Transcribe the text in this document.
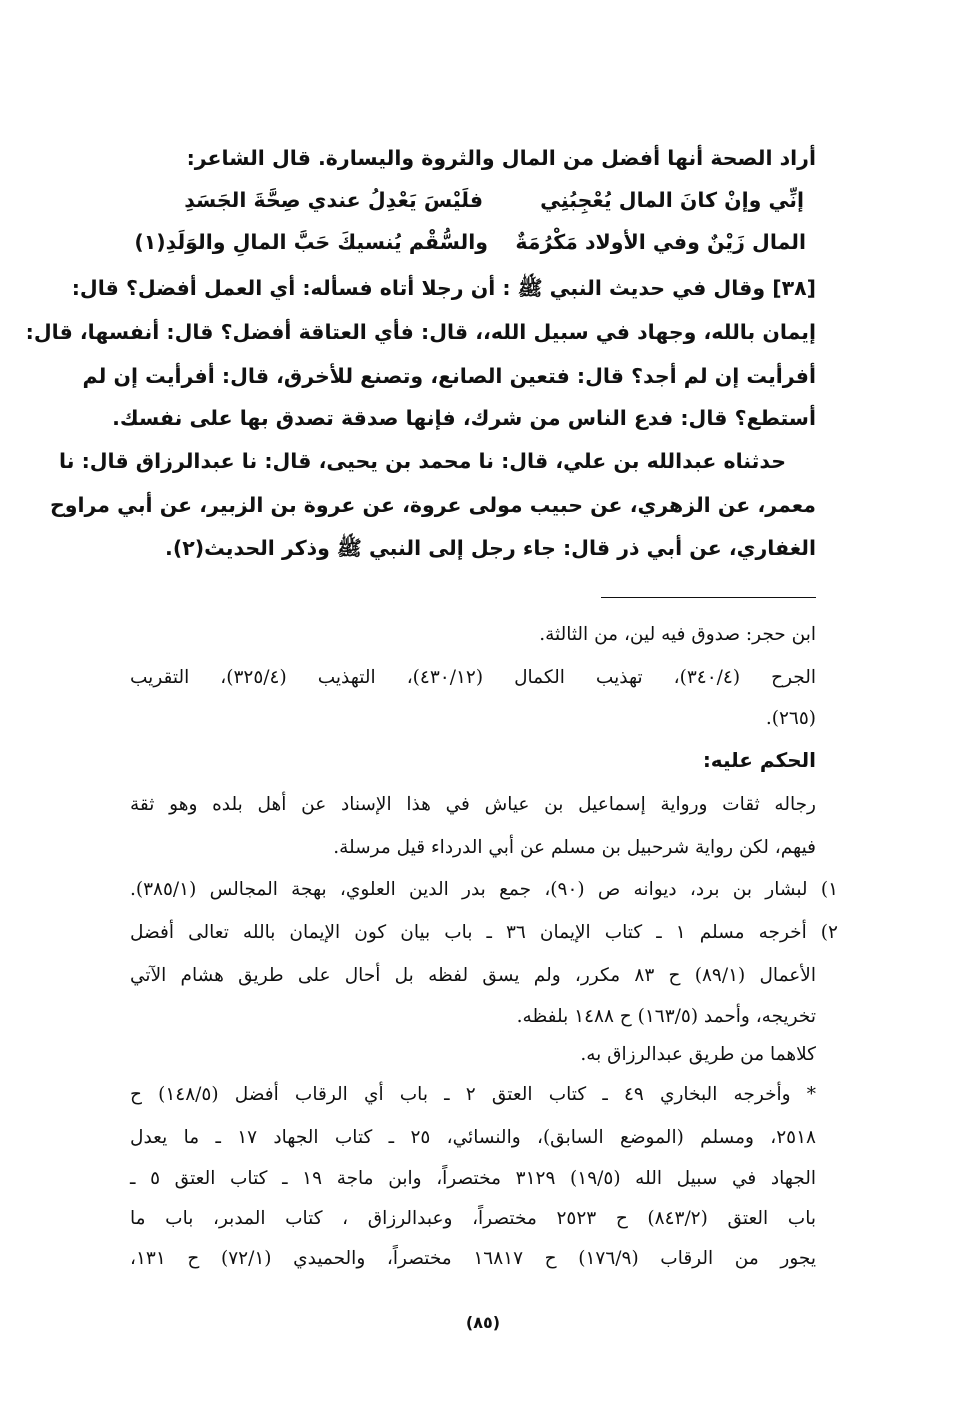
أراد الصحة أنها أفضل من المال والثروة واليسارة. قال الشاعر:
[٣٨] وقال في حديث النبي ﷺ : أن رجلا أتاه فسأله: أي العمل أفضل؟ قال:
إيمان بالله، وجهاد في سبيل الله،، قال: فأي العتاقة أفضل؟ قال: أنفسها، قال:
أفرأيت إن لم أجد؟ قال: فتعين الصانع، وتصنع للأخرق، قال: أفرأيت إن لم
أستطع؟ قال: فدع الناس من شرك، فإنها صدقة تصدق بها على نفسك.
حدثناه عبدالله بن علي، قال: نا محمد بن يحيى، قال: نا عبدالرزاق قال: نا
معمر، عن الزهري، عن حبيب مولى عروة، عن عروة بن الزبير، عن أبي مراوح
الغفاري، عن أبي ذر قال: جاء رجل إلى النبي ﷺ وذكر الحديث(٢).
إنِّي وإنْ كانَ المال يُعْجِبُنِي
فلَيْسَ يَعْدِلُ عندي صِحَّةَ الجَسَدِ
المال زَيْنٌ وفي الأولاد مَكْرُمَةٌ
والسُّقْم يُنسيكَ حَبَّ المالِ والوَلَدِ(١)
ابن حجر: صدوق فيه لين، من الثالثة.
الجرح (٣٤٠/٤)، تهذيب الكمال (٤٣٠/١٢)، التهذيب (٣٢٥/٤)، التقريب
(٢٦٥).
الحكم عليه:
رجاله ثقات ورواية إسماعيل بن عياش في هذا الإسناد عن أهل بلده وهو ثقة
فيهم، لكن رواية شرحبيل بن مسلم عن أبي الدرداء قيل مرسلة.
١) لبشار بن برد، ديوانه ص (٩٠)، جمع بدر الدين العلوي، بهجة المجالس (٣٨٥/١).
٢) أخرجه مسلم ١ ـ كتاب الإيمان ٣٦ ـ باب بيان كون الإيمان بالله تعالى أفضل
الأعمال (٨٩/١) ح ٨٣ مكرر، ولم يسق لفظه بل أحال على طريق هشام الآتي
تخريجه، وأحمد (١٦٣/٥) ح ١٤٨٨ بلفظه.
كلاهما من طريق عبدالرزاق به.
* وأخرجه البخاري ٤٩ ـ كتاب العتق ٢ ـ باب أي الرقاب أفضل (١٤٨/٥) ح
٢٥١٨، ومسلم (الموضع السابق)، والنسائي، ٢٥ ـ كتاب الجهاد ١٧ ـ ما يعدل
الجهاد في سبيل الله (١٩/٥) ٣١٢٩ مختصراً، وابن ماجة ١٩ ـ كتاب العتق ٥ ـ
باب العتق (٨٤٣/٢) ح ٢٥٢٣ مختصراً، وعبدالرزاق ، كتاب المدبر، باب ما
يجور من الرقاب (١٧٦/٩) ح ١٦٨١٧ مختصراً، والحميدي (٧٢/١) ح ١٣١،
(٨٥)
